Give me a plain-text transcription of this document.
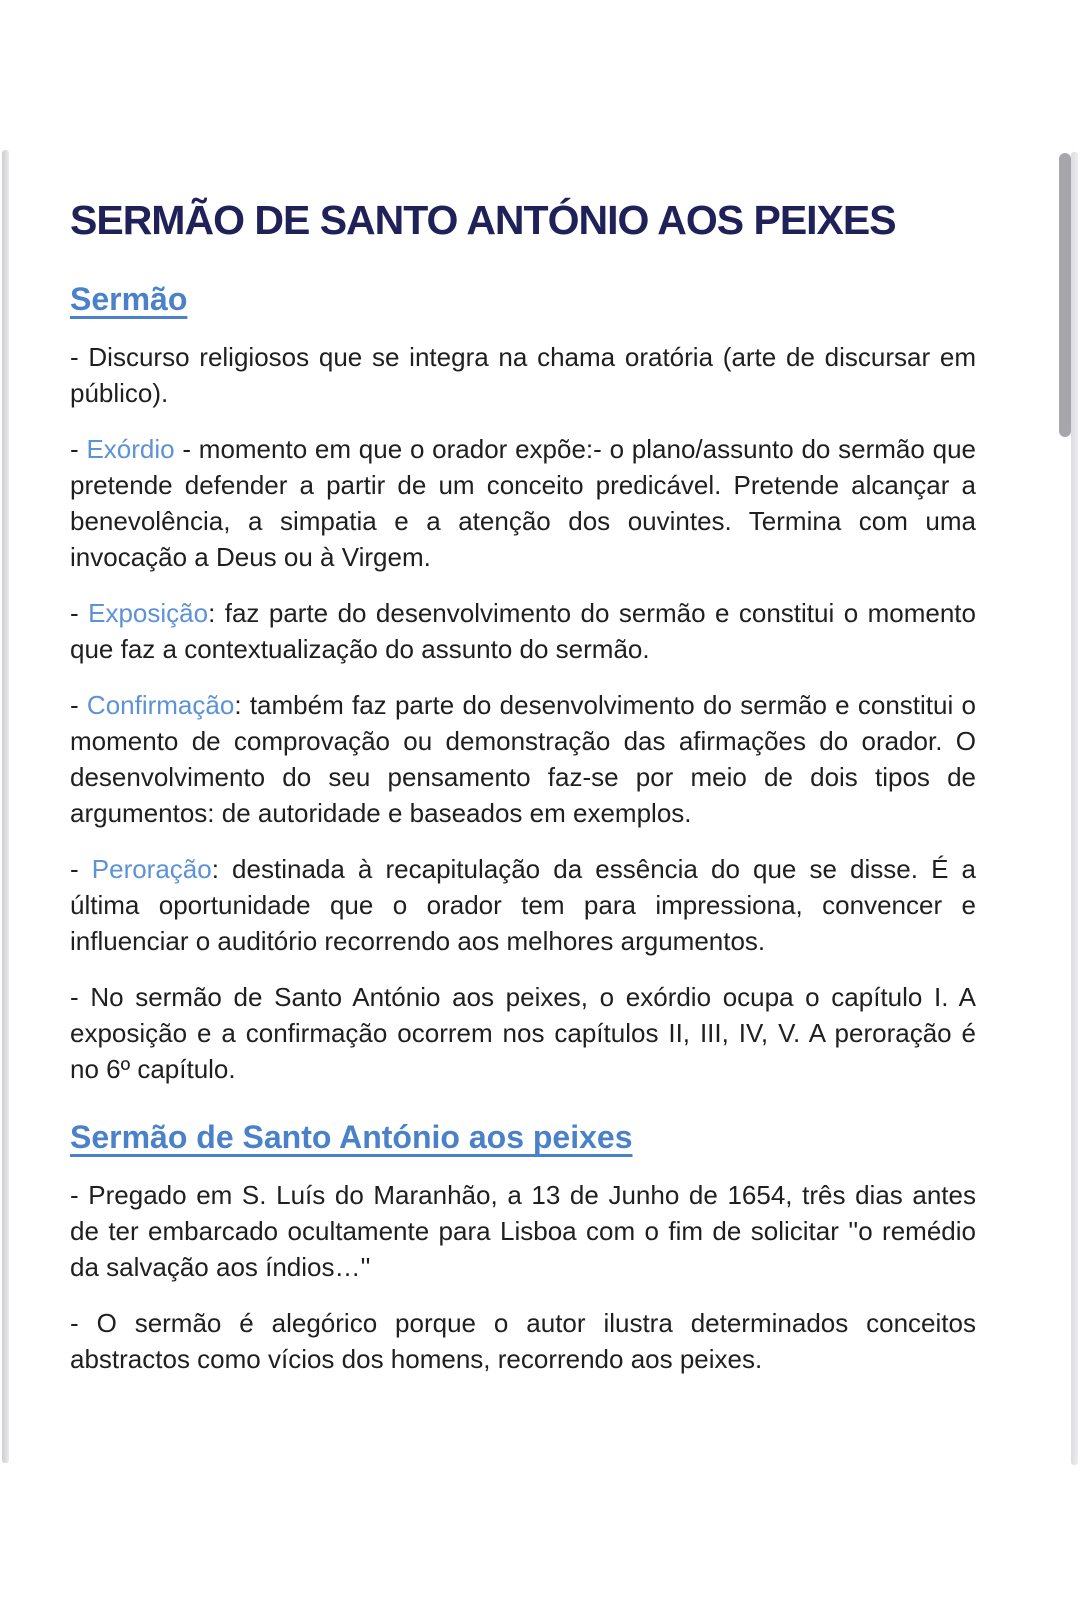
SERMÃO DE SANTO ANTÓNIO AOS PEIXES
Sermão

- Discurso religiosos que se integra na chama oratória (arte de discursar em público).

- Exórdio - momento em que o orador expõe:- o plano/assunto do sermão que pretende defender a partir de um conceito predicável. Pretende alcançar a benevolência, a simpatia e a atenção dos ouvintes. Termina com uma invocação a Deus ou à Virgem.

- Exposição: faz parte do desenvolvimento do sermão e constitui o momento que faz a contextualização do assunto do sermão.

- Confirmação: também faz parte do desenvolvimento do sermão e constitui o momento de comprovação ou demonstração das afirmações do orador. O desenvolvimento do seu pensamento faz-se por meio de dois tipos de argumentos: de autoridade e baseados em exemplos.

- Peroração: destinada à recapitulação da essência do que se disse. É a última oportunidade que o orador tem para impressiona, convencer e influenciar o auditório recorrendo aos melhores argumentos.

- No sermão de Santo António aos peixes, o exórdio ocupa o capítulo I. A exposição e a confirmação ocorrem nos capítulos II, III, IV, V. A peroração é no 6º capítulo.

Sermão de Santo António aos peixes

- Pregado em S. Luís do Maranhão, a 13 de Junho de 1654, três dias antes de ter embarcado ocultamente para Lisboa com o fim de solicitar ''o remédio da salvação aos índios…''

- O sermão é alegórico porque o autor ilustra determinados conceitos abstractos como vícios dos homens, recorrendo aos peixes.
